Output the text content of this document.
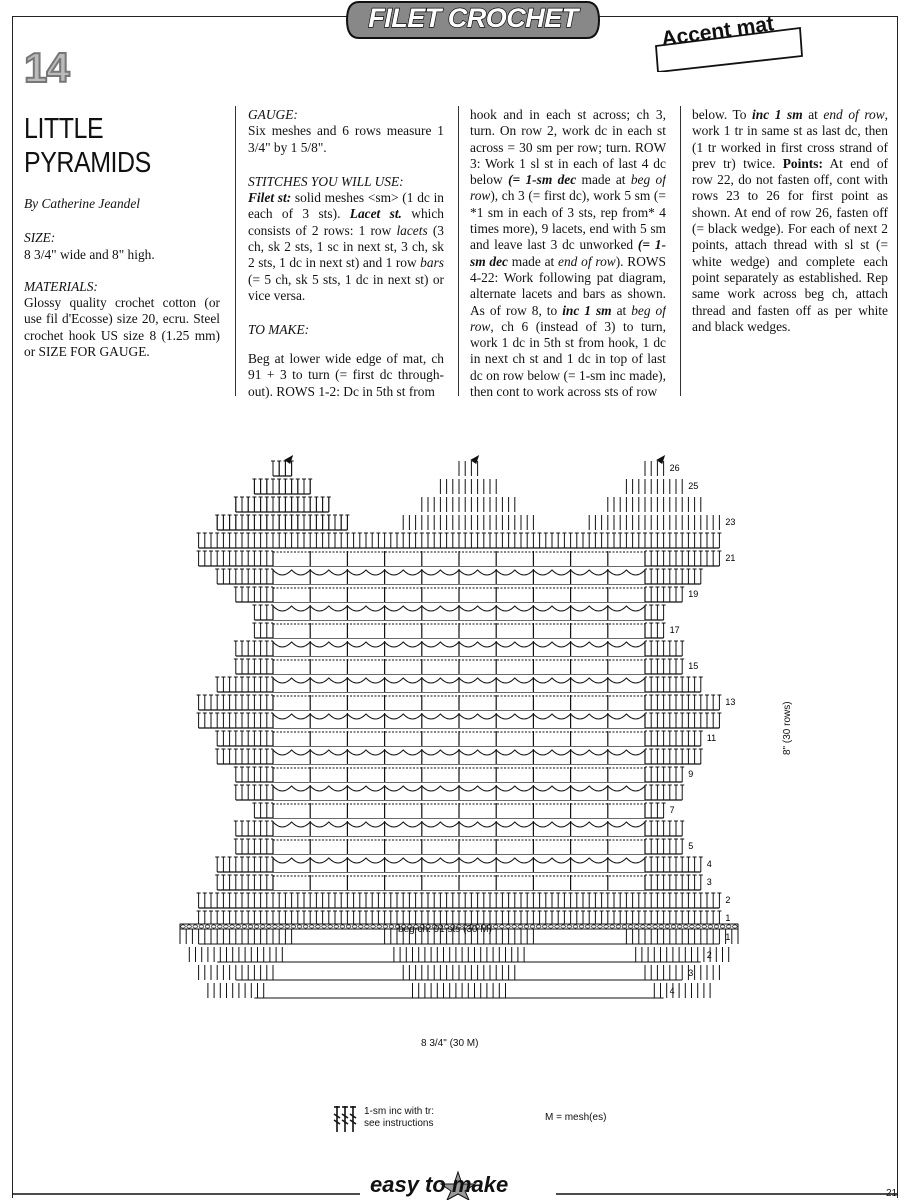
FILET CROCHET	Accent mat
14
LITTLE
PYRAMIDS

By Catherine Jeandel

SIZE:

8 3/4" wide and 8" high.

MATERIALS:

Glossy quality crochet cotton (or use fil d'Ecosse) size 20, ecru. Steel crochet hook US size 8 (1.25 mm) or SIZE FOR GAUGE.

GAUGE:

Six meshes and 6 rows measure 1 3/4" by 1 5/8".

STITCHES YOU WILL USE:

Filet st: solid meshes <sm> (1 dc in each of 3 sts). Lacet st. which consists of 2 rows: 1 row lacets (3 ch, sk 2 sts, 1 sc in next st, 3 ch, sk 2 sts, 1 dc in next st) and 1 row bars (= 5 ch, sk 5 sts, 1 dc in next st) or vice versa.

TO MAKE:

Beg at lower wide edge of mat, ch 91 + 3 to turn (= first dc through-out). ROWS 1-2: Dc in 5th st from
hook and in each st across; ch 3, turn. On row 2, work dc in each st across = 30 sm per row; turn. ROW 3: Work 1 sl st in each of last 4 dc below (= 1-sm dec made at beg of row), ch 3 (= first dc), work 5 sm (= *1 sm in each of 3 sts, rep from* 4 times more), 9 lacets, end with 5 sm and leave last 3 dc unworked (= 1-sm dec made at end of row). ROWS 4-22: Work following pat diagram, alternate lacets and bars as shown. As of row 8, to inc 1 sm at beg of row, ch 6 (instead of 3) to turn, work 1 dc in 5th st from hook, 1 dc in next ch st and 1 dc in top of last dc on row below (= 1-sm inc made), then cont to work across sts of row
below. To inc 1 sm at end of row, work 1 tr in same st as last dc, then (1 tr worked in first cross strand of prev tr) twice. Points: At end of row 22, do not fasten off, cont with rows 23 to 26 for first point as shown. At end of row 26, fasten off (= black wedge). For each of next 2 points, attach thread with sl st (= white wedge) and complete each point separately as established. Rep same work across beg ch, attach thread and fasten off as per white and black wedges.
26
25
23
21
19
17
15
13
11
9
7
5
4
3
2
1
1
2
3
4
beg ch: 91 sts (30 M)
8 3/4" (30 M)
8" (30 rows)
1-sm inc with tr:
see instructions
M = mesh(es)
easy to make	21
